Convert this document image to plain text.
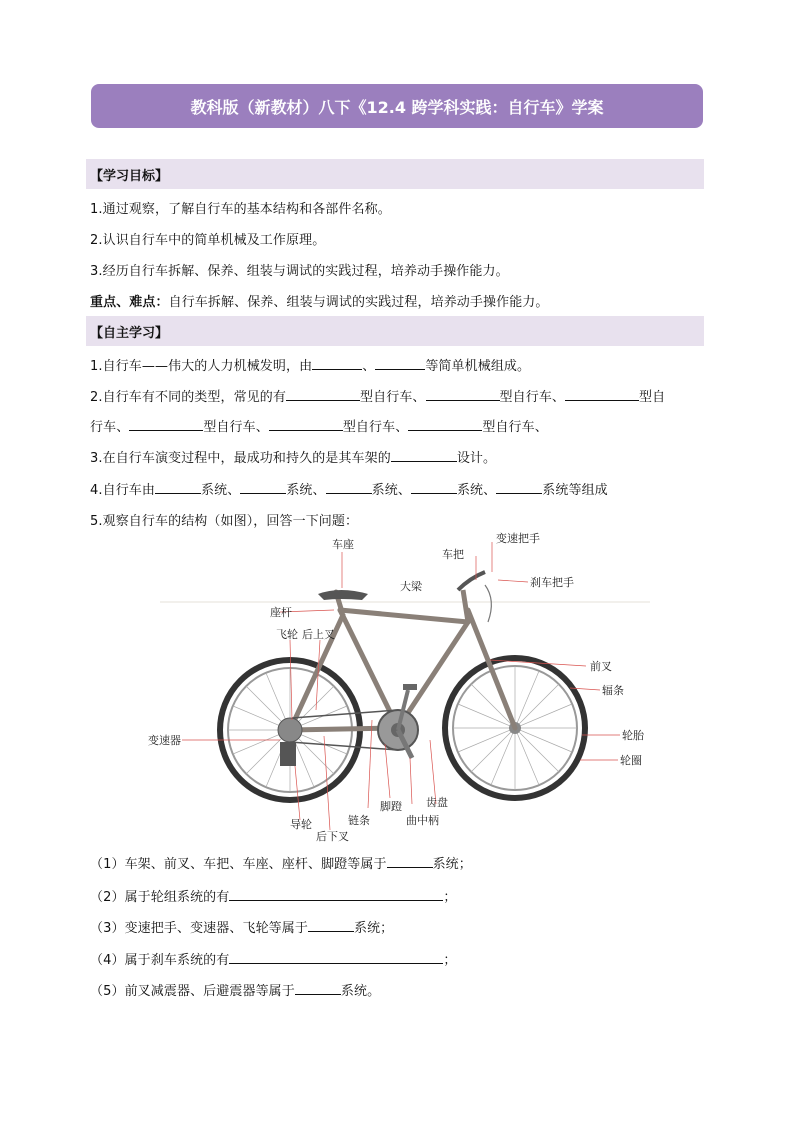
教科版（新教材）八下《12.4 跨学科实践：自行车》学案
【学习目标】
1.通过观察，了解自行车的基本结构和各部件名称。
2.认识自行车中的简单机械及工作原理。
3.经历自行车拆解、保养、组装与调试的实践过程，培养动手操作能力。
重点、难点：自行车拆解、保养、组装与调试的实践过程，培养动手操作能力。
【自主学习】
1.自行车——伟大的人力机械发明，由	、	等简单机械组成。
2.自行车有不同的类型，常见的有	型自行车、	型自行车、	型自
行车、	型自行车、	型自行车、	型自行车、
3.在自行车演变过程中，最成功和持久的是其车架的	设计。
4.自行车由	系统、	系统、	系统、	系统、	系统等组成
5.观察自行车的结构（如图），回答一下问题：
车座	变速把手
车把
刹车把手
大梁
座杆
飞轮 后上叉
前叉
辐条
变速器	轮胎
轮圈
脚蹬 齿盘
链条
导轮
后下叉
曲中柄
（1）车架、前叉、车把、车座、座杆、脚蹬等属于	系统；
（2）属于轮组系统的有	；
（3）变速把手、变速器、飞轮等属于	系统；
（4）属于刹车系统的有	；
（5）前叉减震器、后避震器等属于	系统。
